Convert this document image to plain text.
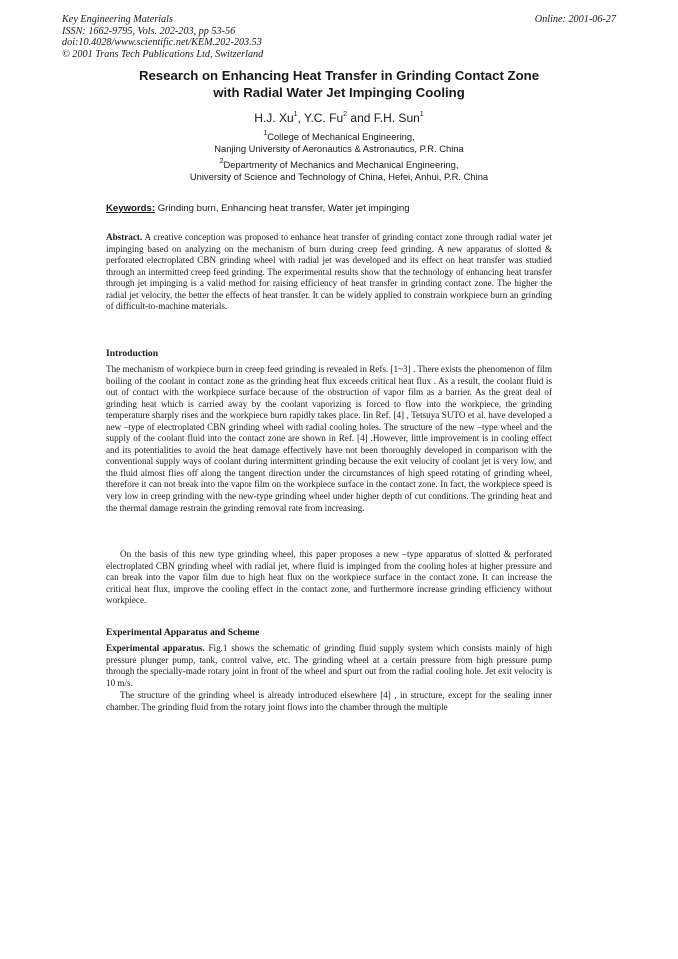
Key Engineering Materials
ISSN: 1662-9795, Vols. 202-203, pp 53-56
doi:10.4028/www.scientific.net/KEM.202-203.53
© 2001 Trans Tech Publications Ltd, Switzerland
Online: 2001-06-27
Research on Enhancing Heat Transfer in Grinding Contact Zone
with Radial Water Jet Impinging Cooling
H.J. Xu$^1$, Y.C. Fu$^2$ and F.H. Sun$^1$
$^1$College of Mechanical Engineering,
Nanjing University of Aeronautics & Astronautics, P.R. China
$^2$Departmenty of Mechanics and Mechanical Engineering,
University of Science and Technology of China, Hefei, Anhui, P.R. China
Keywords: Grinding burn, Enhancing heat transfer, Water jet impinging
Abstract. A creative conception was proposed to enhance heat transfer of grinding contact zone through radial water jet impinging based on analyzing on the mechanism of burn during creep feed grinding. A new apparatus of slotted & perforated electroplated CBN grinding wheel with radial jet was developed and its effect on heat transfer was studied through an intermitted creep feed grinding. The experimental results show that the technology of enhancing heat transfer through jet impinging is a valid method for raising efficiency of heat transfer in grinding contact zone. The higher the radial jet velocity, the better the effects of heat transfer. It can be widely applied to constrain workpiece burn an grinding of difficult-to-machine materials.
Introduction
The mechanism of workpiece burn in creep feed grinding is revealed in Refs. [1~3] . There exists the phenomenon of film boiling of the coolant in contact zone as the grinding heat flux exceeds critical heat flux . As a result, the coolant fluid is out of contact with the workpiece surface because of the obstruction of vapor film as a barrier. As the great deal of grinding heat which is carried away by the coolant vaporizing is forced to flow into the workpiece, the grinding temperature sharply rises and the workpiece burn rapidly takes place. Iin Ref. [4] , Tetsuya SUTO et al. have developed a new –type of electroplated CBN grinding wheel with radial cooling holes. The structure of the new –type wheel and the supply of the coolant fluid into the contact zone are shown in Ref. [4] .However, little improvement is in cooling effect and its potentialities to avoid the heat damage effectively have not been thoroughly developed in comparison with the conventional supply ways of coolant during intermittent grinding because the exit velocity of coolant jet is very low, and the fluid almost flies off along the tangent direction under the circumstances of high speed rotating of grinding wheel, therefore it can not break into the vapor film on the workpiece surface in the contact zone. In fact, the workpiece speed is very low in creep grinding with the new-type grinding wheel under higher depth of cut conditions. The grinding heat and the thermal damage restrain the grinding removal rate from increasing.
On the basis of this new type grinding wheel, this paper proposes a new –type apparatus of slotted & perforated electroplated CBN grinding wheel with radial jet, where fluid is impinged from the cooling holes at higher pressure and can break into the vapor film due to high heat flux on the workpiece surface in the contact zone. It can increase the critical heat flux, improve the cooling effect in the contact zone, and furthermore increase grinding efficiency without workpiece.
Experimental Apparatus and Scheme
Experimental apparatus. Fig.1 shows the schematic of grinding fluid supply system which consists mainly of high pressure plunger pump, tank, control valve, etc. The grinding wheel at a certain pressure from high pressure pump through the specially-made rotary joint in front of the wheel and spurt out from the radial cooling hole. Jet exit velocity is 10 m/s.
The structure of the grinding wheel is already introduced elsewhere [4] , in structure, except for the sealing inner chamber. The grinding fluid from the rotary joint flows into the chamber through the multiple
